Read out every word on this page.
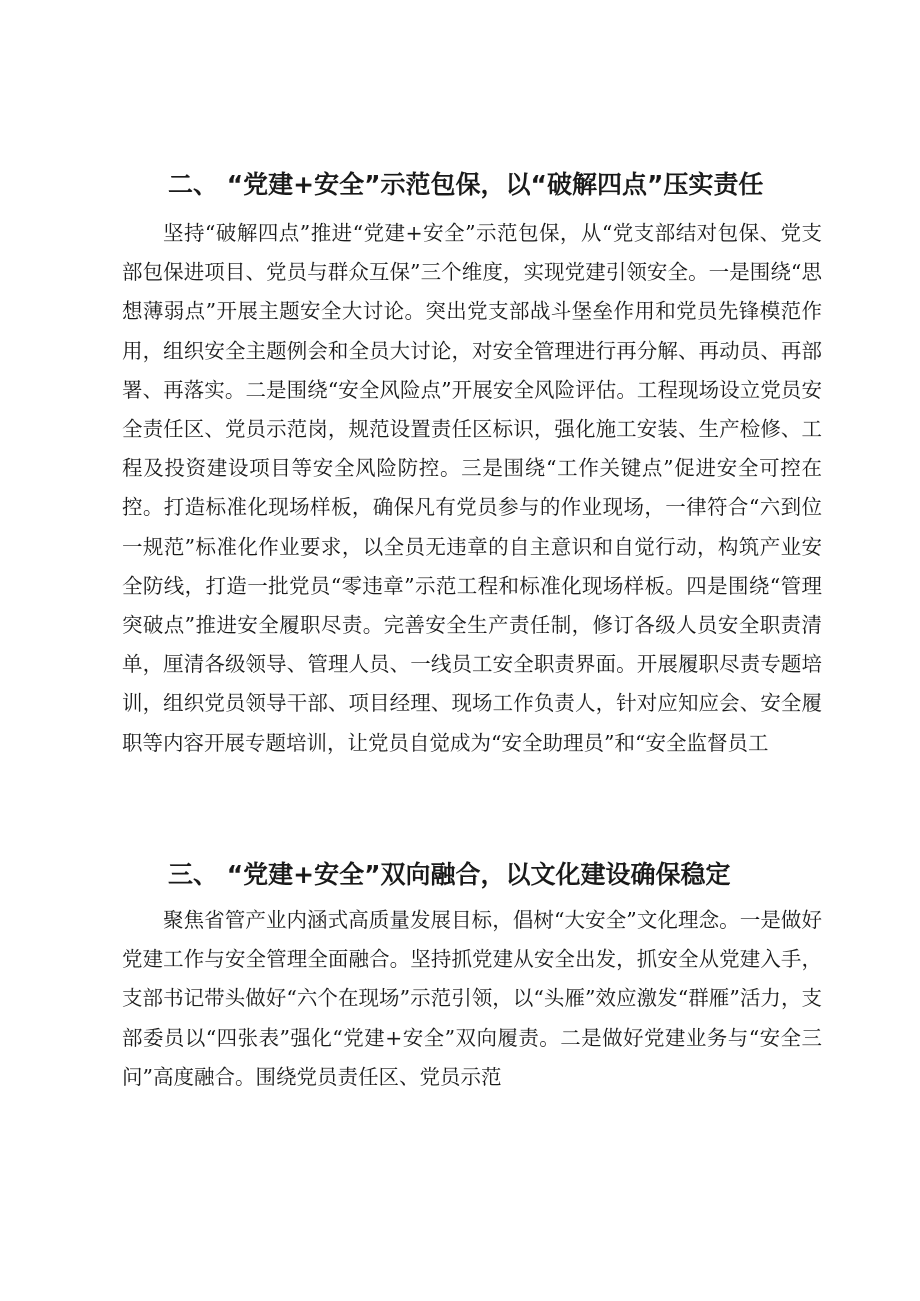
二、 “党建+安全”示范包保，以“破解四点”压实责任

坚持“破解四点”推进“党建+安全”示范包保，从“党支部结对包保、党支部包保进项目、党员与群众互保”三个维度，实现党建引领安全。一是围绕“思想薄弱点”开展主题安全大讨论。突出党支部战斗堡垒作用和党员先锋模范作用，组织安全主题例会和全员大讨论，对安全管理进行再分解、再动员、再部署、再落实。二是围绕“安全风险点”开展安全风险评估。工程现场设立党员安全责任区、党员示范岗，规范设置责任区标识，强化施工安装、生产检修、工程及投资建设项目等安全风险防控。三是围绕“工作关键点”促进安全可控在控。打造标准化现场样板，确保凡有党员参与的作业现场，一律符合“六到位一规范”标准化作业要求，以全员无违章的自主意识和自觉行动，构筑产业安全防线，打造一批党员“零违章”示范工程和标准化现场样板。四是围绕“管理突破点”推进安全履职尽责。完善安全生产责任制，修订各级人员安全职责清单，厘清各级领导、管理人员、一线员工安全职责界面。开展履职尽责专题培训，组织党员领导干部、项目经理、现场工作负责人，针对应知应会、安全履职等内容开展专题培训，让党员自觉成为“安全助理员”和“安全监督员工

三、 “党建+安全”双向融合，以文化建设确保稳定

聚焦省管产业内涵式高质量发展目标，倡树“大安全”文化理念。一是做好党建工作与安全管理全面融合。坚持抓党建从安全出发，抓安全从党建入手，支部书记带头做好“六个在现场”示范引领，以“头雁”效应激发“群雁”活力，支部委员以“四张表”强化“党建+安全”双向履责。二是做好党建业务与“安全三问”高度融合。围绕党员责任区、党员示范
